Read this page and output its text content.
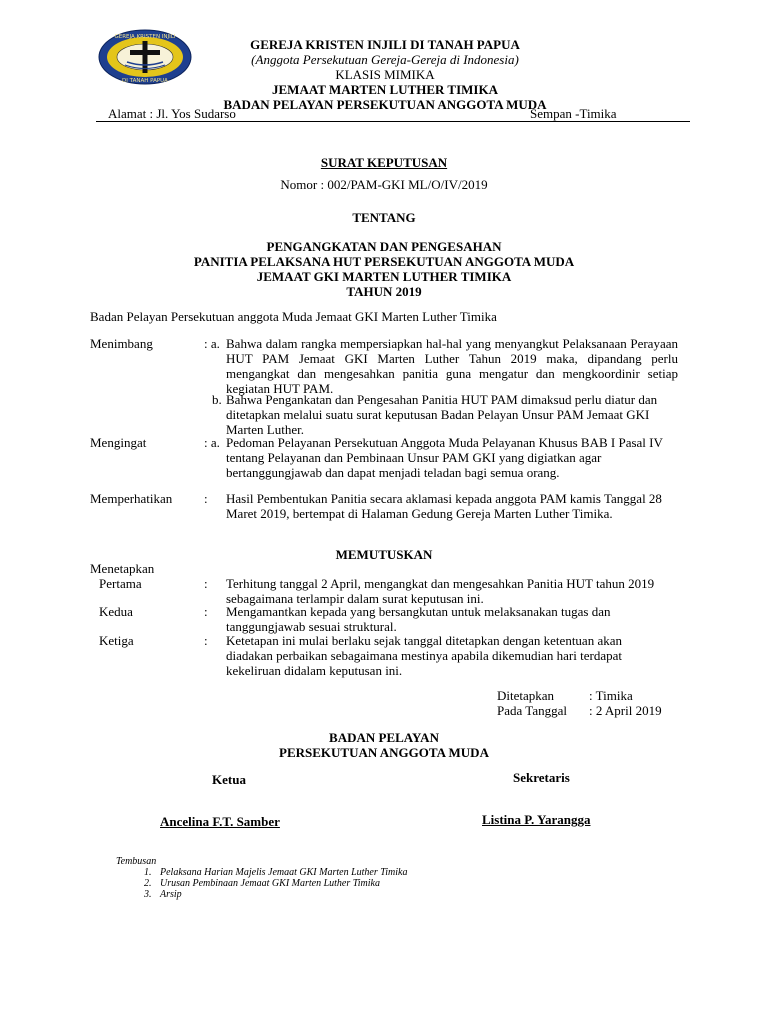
GEREJA KRISTEN INJILI
DI TANAH PAPUA
GEREJA KRISTEN INJILI DI TANAH PAPUA
(Anggota Persekutuan Gereja-Gereja di Indonesia)
KLASIS MIMIKA
JEMAAT MARTEN LUTHER TIMIKA
BADAN PELAYAN PERSEKUTUAN ANGGOTA MUDA
Alamat : Jl. Yos Sudarso	Sempan -Timika
SURAT KEPUTUSAN
Nomor : 002/PAM-GKI ML/O/IV/2019
TENTANG
PENGANGKATAN DAN PENGESAHAN
PANITIA PELAKSANA HUT PERSEKUTUAN ANGGOTA MUDA
JEMAAT GKI MARTEN LUTHER TIMIKA
TAHUN 2019
Badan Pelayan Persekutuan anggota Muda Jemaat GKI Marten Luther Timika
Menimbang	: a. Bahwa dalam rangka mempersiapkan hal-hal yang menyangkut Pelaksanaan Perayaan HUT PAM Jemaat GKI Marten Luther Tahun 2019 maka, dipandang perlu mengangkat dan mengesahkan panitia guna mengatur dan mengkoordinir setiap kegiatan HUT PAM.
b. Bahwa Pengankatan dan Pengesahan Panitia HUT PAM dimaksud perlu diatur dan ditetapkan melalui suatu surat keputusan Badan Pelayan Unsur PAM Jemaat GKI Marten Luther.
Mengingat	: a. Pedoman Pelayanan Persekutuan Anggota Muda Pelayanan Khusus BAB I Pasal IV tentang Pelayanan dan Pembinaan Unsur PAM GKI yang digiatkan agar bertanggungjawab dan dapat menjadi teladan bagi semua orang.
Memperhatikan : Hasil Pembentukan Panitia secara aklamasi kepada anggota PAM kamis Tanggal 28 Maret 2019, bertempat di Halaman Gedung Gereja Marten Luther Timika.
MEMUTUSKAN
Menetapkan
Pertama	: Terhitung tanggal 2 April, mengangkat dan mengesahkan Panitia HUT tahun 2019 sebagaimana terlampir dalam surat keputusan ini.
Kedua	: Mengamantkan kepada yang bersangkutan untuk melaksanakan tugas dan tanggungjawab sesuai struktural.
Ketiga	: Ketetapan ini mulai berlaku sejak tanggal ditetapkan dengan ketentuan akan diadakan perbaikan sebagaimana mestinya apabila dikemudian hari terdapat kekeliruan didalam keputusan ini.
Ditetapkan	: Timika
Pada Tanggal : 2 April 2019
BADAN PELAYAN
PERSEKUTUAN ANGGOTA MUDA
Ketua	Sekretaris
Ancelina F.T. Samber	Listina P. Yarangga
Tembusan
1. Pelaksana Harian Majelis Jemaat GKI Marten Luther Timika
2. Urusan Pembinaan Jemaat GKI Marten Luther Timika
3. Arsip
